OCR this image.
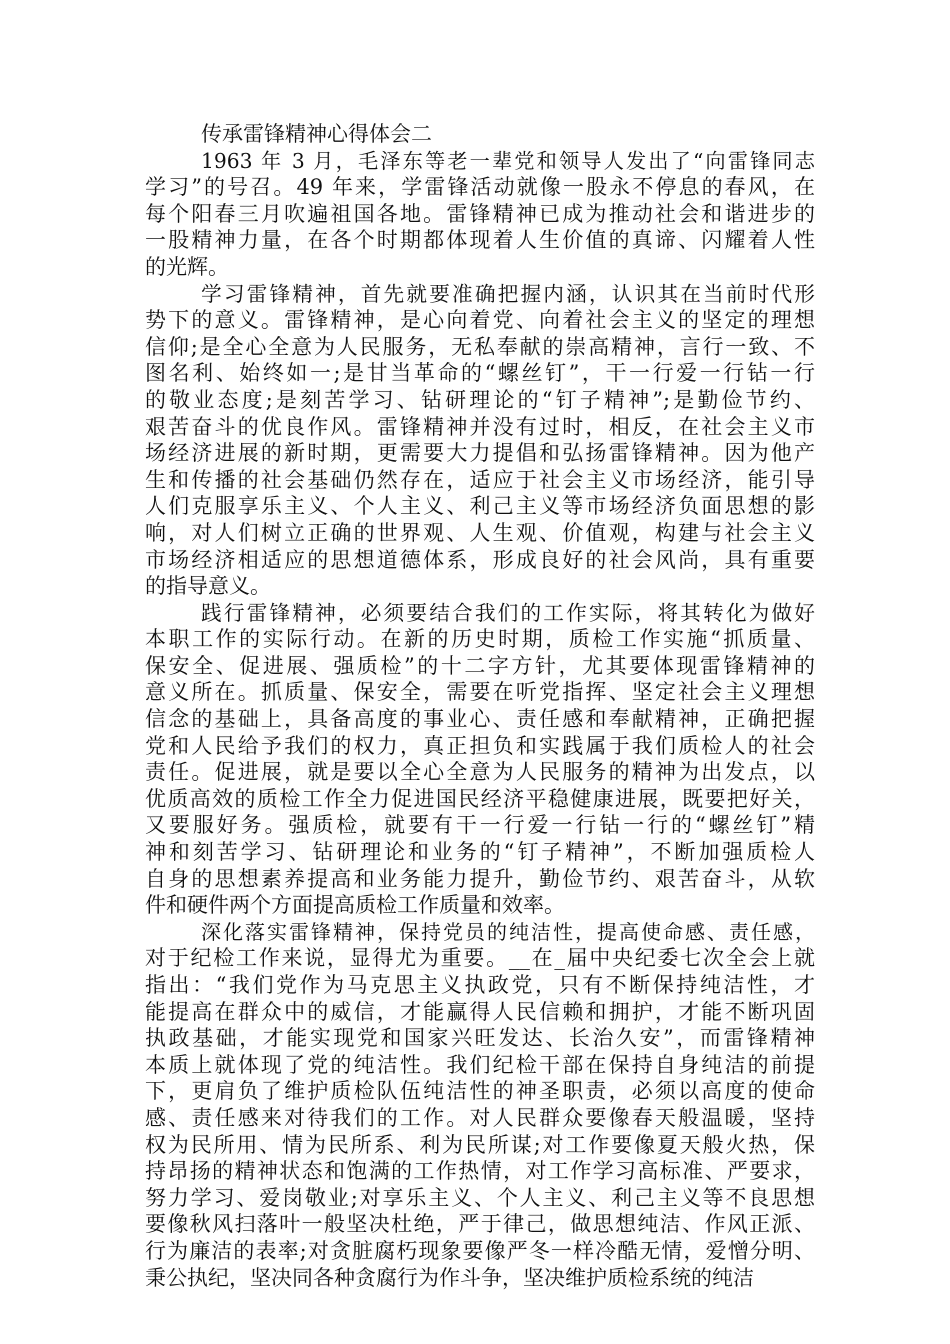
传承雷锋精神心得体会二

1963 年 3 月，毛泽东等老一辈党和领导人发出了“向雷锋同志
学习”的号召。49 年来，学雷锋活动就像一股永不停息的春风，在
每个阳春三月吹遍祖国各地。雷锋精神已成为推动社会和谐进步的
一股精神力量，在各个时期都体现着人生价值的真谛、闪耀着人性
的光辉。
学习雷锋精神，首先就要准确把握内涵，认识其在当前时代形
势下的意义。雷锋精神，是心向着党、向着社会主义的坚定的理想
信仰;是全心全意为人民服务，无私奉献的崇高精神，言行一致、不
图名利、始终如一;是甘当革命的“螺丝钉”，干一行爱一行钻一行
的敬业态度;是刻苦学习、钻研理论的“钉子精神”;是勤俭节约、
艰苦奋斗的优良作风。雷锋精神并没有过时，相反，在社会主义市
场经济进展的新时期，更需要大力提倡和弘扬雷锋精神。因为他产
生和传播的社会基础仍然存在，适应于社会主义市场经济，能引导
人们克服享乐主义、个人主义、利己主义等市场经济负面思想的影
响，对人们树立正确的世界观、人生观、价值观，构建与社会主义
市场经济相适应的思想道德体系，形成良好的社会风尚，具有重要
的指导意义。
践行雷锋精神，必须要结合我们的工作实际，将其转化为做好
本职工作的实际行动。在新的历史时期，质检工作实施“抓质量、
保安全、促进展、强质检”的十二字方针，尤其要体现雷锋精神的
意义所在。抓质量、保安全，需要在听党指挥、坚定社会主义理想
信念的基础上，具备高度的事业心、责任感和奉献精神，正确把握
党和人民给予我们的权力，真正担负和实践属于我们质检人的社会
责任。促进展，就是要以全心全意为人民服务的精神为出发点，以
优质高效的质检工作全力促进国民经济平稳健康进展，既要把好关，
又要服好务。强质检，就要有干一行爱一行钻一行的“螺丝钉”精
神和刻苦学习、钻研理论和业务的“钉子精神”，不断加强质检人
自身的思想素养提高和业务能力提升，勤俭节约、艰苦奋斗，从软
件和硬件两个方面提高质检工作质量和效率。
深化落实雷锋精神，保持党员的纯洁性，提高使命感、责任感，
对于纪检工作来说，显得尤为重要。__在_届中央纪委七次全会上就
指出：“我们党作为马克思主义执政党，只有不断保持纯洁性，才
能提高在群众中的威信，才能赢得人民信赖和拥护，才能不断巩固
执政基础，才能实现党和国家兴旺发达、长治久安”，而雷锋精神
本质上就体现了党的纯洁性。我们纪检干部在保持自身纯洁的前提
下，更肩负了维护质检队伍纯洁性的神圣职责，必须以高度的使命
感、责任感来对待我们的工作。对人民群众要像春天般温暖，坚持
权为民所用、情为民所系、利为民所谋;对工作要像夏天般火热，保
持昂扬的精神状态和饱满的工作热情，对工作学习高标准、严要求，
努力学习、爱岗敬业;对享乐主义、个人主义、利己主义等不良思想
要像秋风扫落叶一般坚决杜绝，严于律己，做思想纯洁、作风正派、
行为廉洁的表率;对贪脏腐朽现象要像严冬一样冷酷无情，爱憎分明、
秉公执纪，坚决同各种贪腐行为作斗争，坚决维护质检系统的纯洁
